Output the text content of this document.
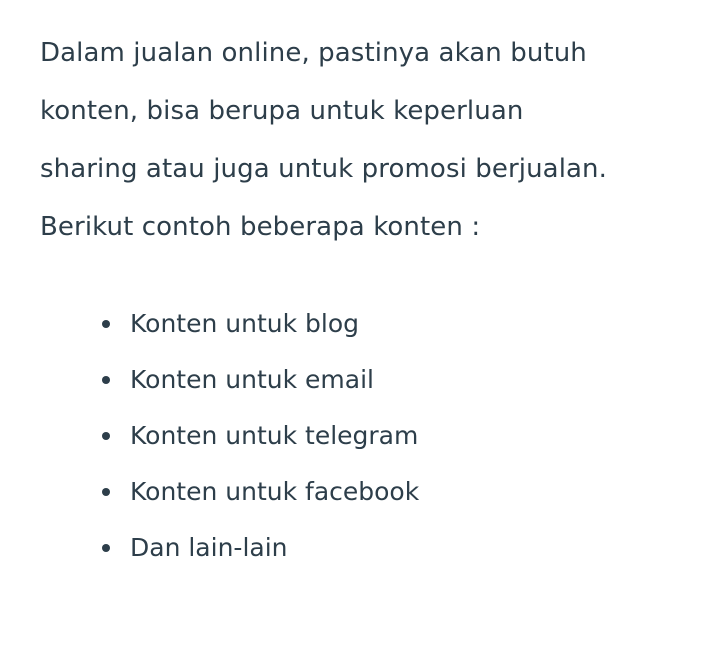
Dalam jualan online, pastinya akan butuh konten, bisa berupa untuk keperluan sharing atau juga untuk promosi berjualan. Berikut contoh beberapa konten :

Konten untuk blog
Konten untuk email
Konten untuk telegram
Konten untuk facebook
Dan lain-lain
